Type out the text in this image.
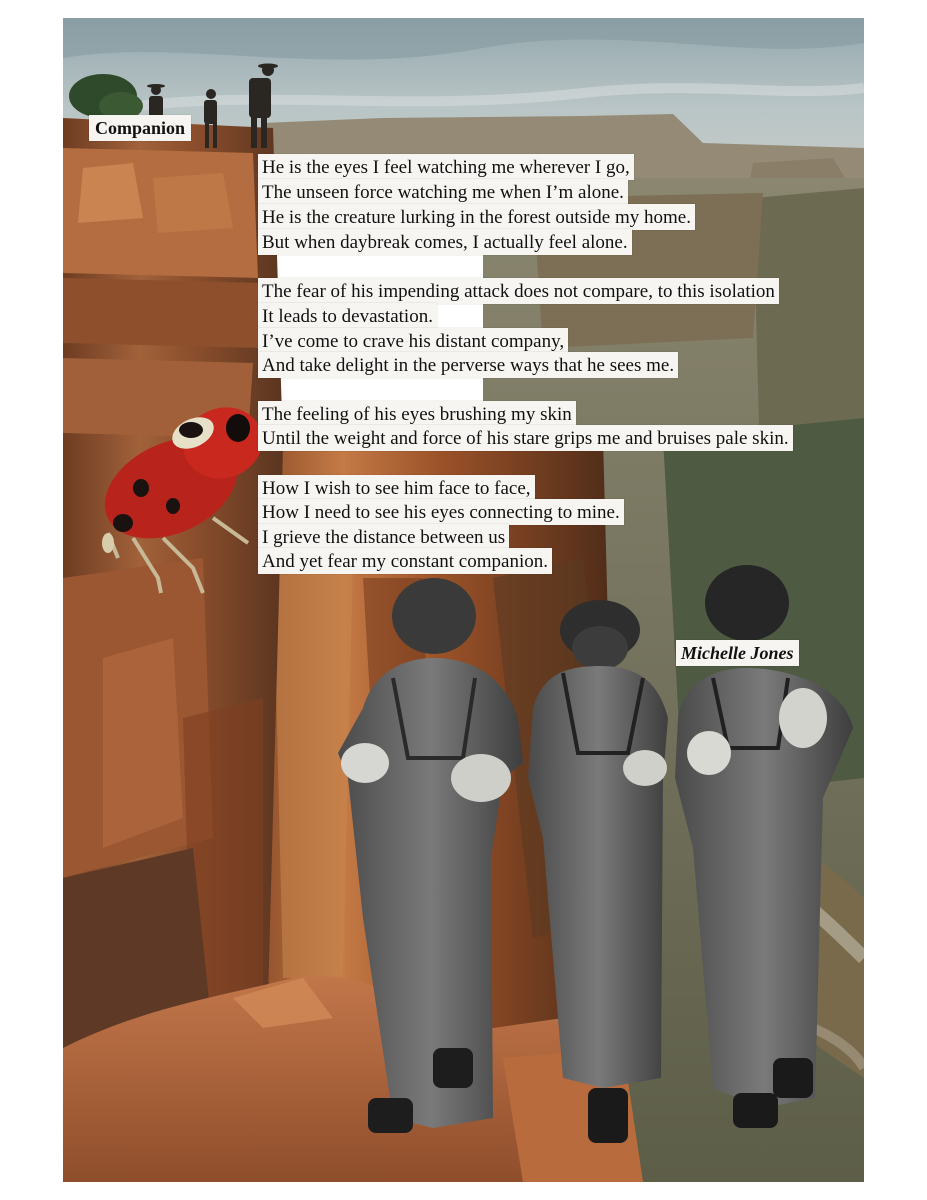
Companion
He is the eyes I feel watching me wherever I go,
The unseen force watching me when I’m alone.
He is the creature lurking in the forest outside my home.
But when daybreak comes, I actually feel alone.
The fear of his impending attack does not compare, to this isolation
It leads to devastation.
I’ve come to crave his distant company,
And take delight in the perverse ways that he sees me.
The feeling of his eyes brushing my skin
Until the weight and force of his stare grips me and bruises pale skin.
How I wish to see him face to face,
How I need to see his eyes connecting to mine.
I grieve the distance between us
And yet fear my constant companion.
Michelle Jones
